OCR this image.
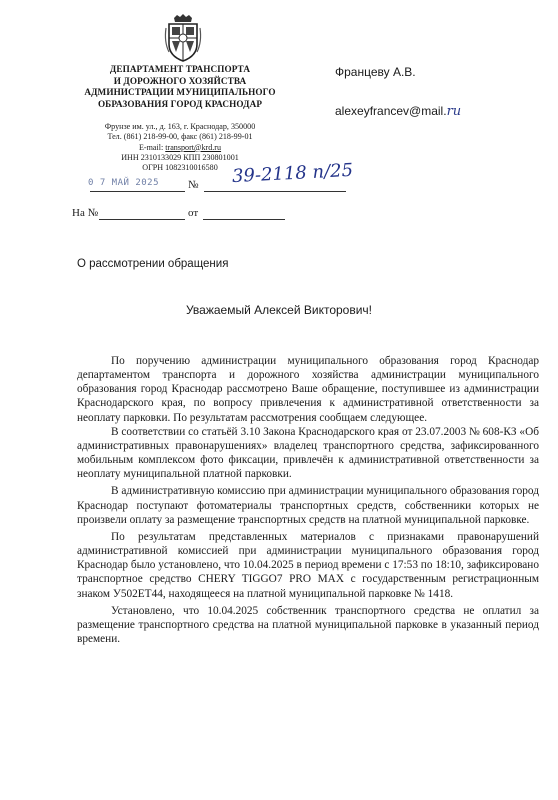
ДЕПАРТАМЕНТ ТРАНСПОРТА
И ДОРОЖНОГО ХОЗЯЙСТВА
АДМИНИСТРАЦИИ МУНИЦИПАЛЬНОГО
ОБРАЗОВАНИЯ ГОРОД КРАСНОДАР
Фрунзе им. ул., д. 163, г. Краснодар, 350000
Тел. (861) 218-99-00, факс (861) 218-99-01
E-mail: transport@krd.ru
ИНН 2310133029 КПП 230801001
ОГРН 1082310016580
Францеву А.В.
alexeyfrancev@mail.ru
0 7 МАЙ 2025	№ 39-2118 п/25
На №	от
О рассмотрении обращения
Уважаемый Алексей Викторович!

По поручению администрации муниципального образования город Краснодар департаментом транспорта и дорожного хозяйства администрации муниципального образования город Краснодар рассмотрено Ваше обращение, поступившее из администрации Краснодарского края, по вопросу привлечения к административной ответственности за неоплату парковки. По результатам рассмотрения сообщаем следующее.

В соответствии со статьёй 3.10 Закона Краснодарского края от 23.07.2003 № 608-КЗ «Об административных правонарушениях» владелец транспортного средства, зафиксированного мобильным комплексом фото фиксации, привлечён к административной ответственности за неоплату муниципальной платной парковки.

В административную комиссию при администрации муниципального образования город Краснодар поступают фотоматериалы транспортных средств, собственники которых не произвели оплату за размещение транспортных средств на платной муниципальной парковке.

По результатам представленных материалов с признаками правонарушений административной комиссией при администрации муниципального образования город Краснодар было установлено, что 10.04.2025 в период времени с 17:53 по 18:10, зафиксировано транспортное средство CHERY TIGGO7 PRO MAX с государственным регистрационным знаком У502ЕТ44, находящееся на платной муниципальной парковке № 1418.

Установлено, что 10.04.2025 собственник транспортного средства не оплатил за размещение транспортного средства на платной муниципальной парковке в указанный период времени.
